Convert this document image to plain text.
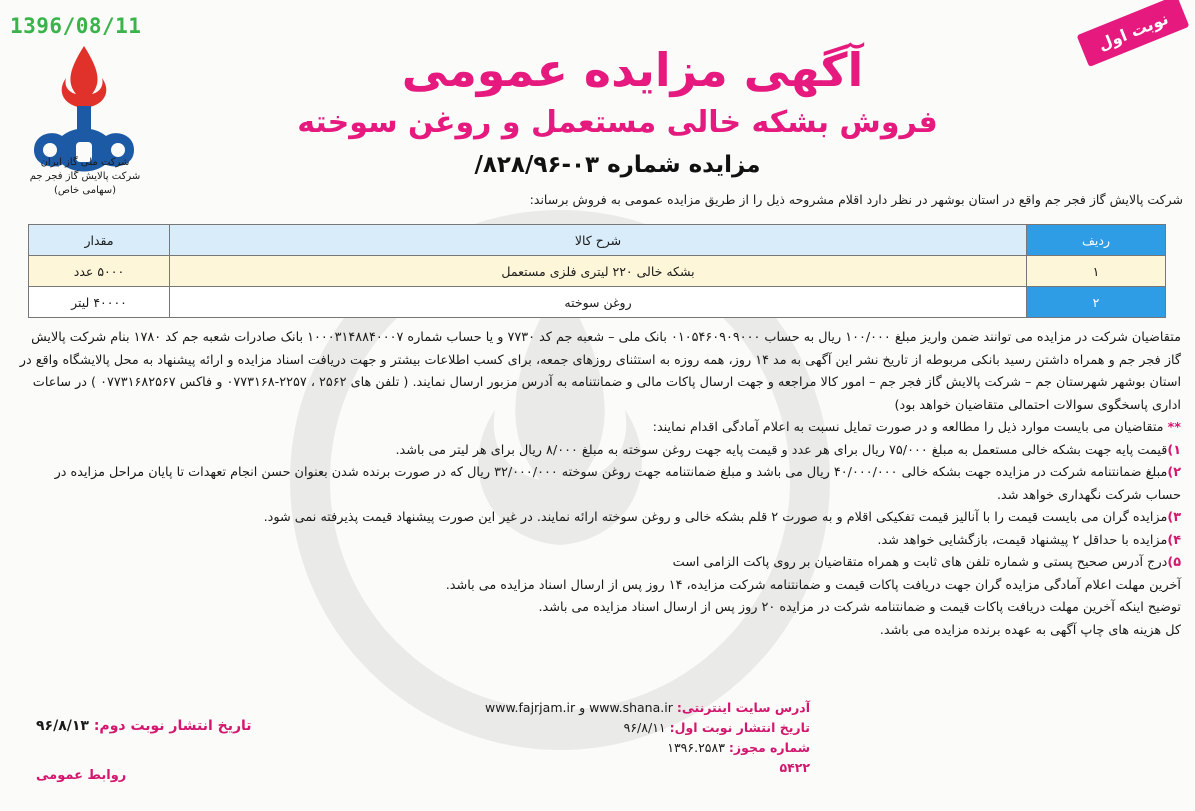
1396/08/11	نوبت اول
شرکت ملی گاز ایران
شرکت پالایش گاز فجر جم
(سهامی خاص)
آگهی مزایده عمومی
فروش بشکه خالی مستعمل و روغن سوخته
مزایده شماره ۰۳-۸۲۸/۹۶/
شرکت پالایش گاز فجر جم واقع در استان بوشهر در نظر دارد اقلام مشروحه ذیل را از طریق مزایده عمومی به فروش برساند:
ردیف	شرح کالا	مقدار
۱	بشکه خالی ۲۲۰ لیتری فلزی مستعمل	۵۰۰۰ عدد
۲	روغن سوخته	۴۰۰۰۰ لیتر

متقاضیان شرکت در مزایده می توانند ضمن واریز مبلغ ۱۰۰/۰۰۰ ریال به حساب ۰۱۰۵۴۶۰۹۰۹۰۰۰ بانک ملی – شعبه جم کد ۷۷۳۰ و یا حساب شماره ۱۰۰۰۳۱۴۸۸۴۰۰۰۷ بانک صادرات شعبه جم کد ۱۷۸۰ بنام شرکت پالایش گاز فجر جم و همراه داشتن رسید بانکی مربوطه از تاریخ نشر این آگهی به مد ۱۴ روز، همه روزه به استثنای روزهای جمعه، برای کسب اطلاعات بیشتر و جهت دریافت اسناد مزایده و ارائه پیشنهاد به محل پالایشگاه واقع در استان بوشهر شهرستان جم – شرکت پالایش گاز فجر جم – امور کالا مراجعه و جهت ارسال پاکات مالی و ضمانتنامه به آدرس مزبور ارسال نمایند. ( تلفن های ۲۵۶۲ ، ۲۲۵۷-۰۷۷۳۱۶۸ و فاکس ۰۷۷۳۱۶۸۲۵۶۷ ) در ساعات اداری پاسخگوی سوالات احتمالی متقاضیان خواهد بود)

** متقاضیان می بایست موارد ذیل را مطالعه و در صورت تمایل نسبت به اعلام آمادگی اقدام نمایند:

۱)قیمت پایه جهت بشکه خالی مستعمل به مبلغ ۷۵/۰۰۰ ریال برای هر عدد و قیمت پایه جهت روغن سوخته به مبلغ ۸/۰۰۰ ریال برای هر لیتر می باشد.

۲)مبلغ ضمانتنامه شرکت در مزایده جهت بشکه خالی ۴۰/۰۰۰/۰۰۰ ریال می باشد و مبلغ ضمانتنامه جهت روغن سوخته ۳۲/۰۰۰/۰۰۰ ریال که در صورت برنده شدن بعنوان حسن انجام تعهدات تا پایان مراحل مزایده در حساب شرکت نگهداری خواهد شد.

۳)مزایده گران می بایست قیمت را با آنالیز قیمت تفکیکی اقلام و به صورت ۲ قلم بشکه خالی و روغن سوخته ارائه نمایند. در غیر این صورت پیشنهاد قیمت پذیرفته نمی شود.

۴)مزایده با حداقل ۲ پیشنهاد قیمت، بازگشایی خواهد شد.

۵)درج آدرس صحیح پستی و شماره تلفن های ثابت و همراه متقاضیان بر روی پاکت الزامی است

آخرین مهلت اعلام آمادگی مزایده گران جهت دریافت پاکات قیمت و ضمانتنامه شرکت مزایده، ۱۴ روز پس از ارسال اسناد مزایده می باشد.

توضیح اینکه آخرین مهلت دریافت پاکات قیمت و ضمانتنامه شرکت در مزایده ۲۰ روز پس از ارسال اسناد مزایده می باشد.

کل هزینه های چاپ آگهی به عهده برنده مزایده می باشد.

آدرس سایت اینترنتی: www.shana.ir و www.fajrjam.ir
تاریخ انتشار نوبت اول: ۹۶/۸/۱۱
شماره مجوز: ۱۳۹۶.۲۵۸۳
۵۴۲۲
تاریخ انتشار نوبت دوم: ۹۶/۸/۱۳
روابط عمومی
